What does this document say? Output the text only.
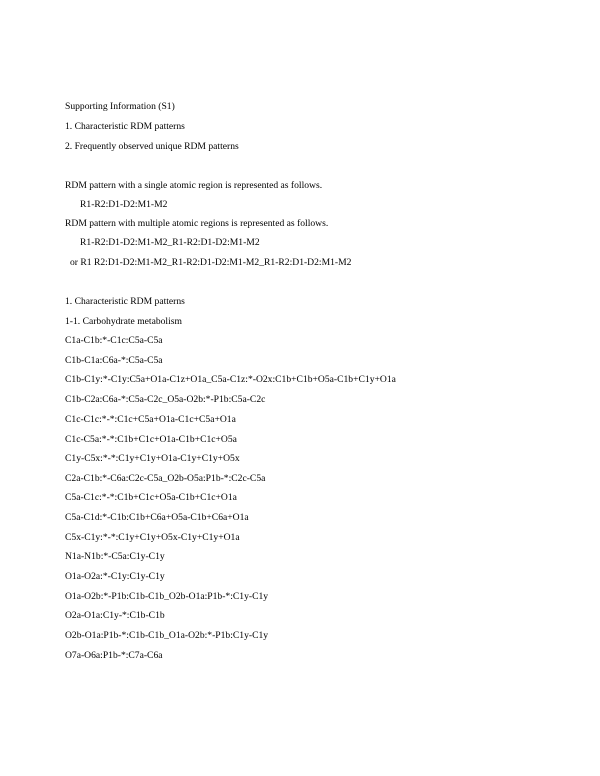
Supporting Information (S1)
1. Characteristic RDM patterns
2. Frequently observed unique RDM patterns
RDM pattern with a single atomic region is represented as follows.
R1-R2:D1-D2:M1-M2
RDM pattern with multiple atomic regions is represented as follows.
R1-R2:D1-D2:M1-M2_R1-R2:D1-D2:M1-M2
or R1 R2:D1-D2:M1-M2_R1-R2:D1-D2:M1-M2_R1-R2:D1-D2:M1-M2
1. Characteristic RDM patterns
1-1. Carbohydrate metabolism
C1a-C1b:*-C1c:C5a-C5a
C1b-C1a:C6a-*:C5a-C5a
C1b-C1y:*-C1y:C5a+O1a-C1z+O1a_C5a-C1z:*-O2x:C1b+C1b+O5a-C1b+C1y+O1a
C1b-C2a:C6a-*:C5a-C2c_O5a-O2b:*-P1b:C5a-C2c
C1c-C1c:*-*:C1c+C5a+O1a-C1c+C5a+O1a
C1c-C5a:*-*:C1b+C1c+O1a-C1b+C1c+O5a
C1y-C5x:*-*:C1y+C1y+O1a-C1y+C1y+O5x
C2a-C1b:*-C6a:C2c-C5a_O2b-O5a:P1b-*:C2c-C5a
C5a-C1c:*-*:C1b+C1c+O5a-C1b+C1c+O1a
C5a-C1d:*-C1b:C1b+C6a+O5a-C1b+C6a+O1a
C5x-C1y:*-*:C1y+C1y+O5x-C1y+C1y+O1a
N1a-N1b:*-C5a:C1y-C1y
O1a-O2a:*-C1y:C1y-C1y
O1a-O2b:*-P1b:C1b-C1b_O2b-O1a:P1b-*:C1y-C1y
O2a-O1a:C1y-*:C1b-C1b
O2b-O1a:P1b-*:C1b-C1b_O1a-O2b:*-P1b:C1y-C1y
O7a-O6a:P1b-*:C7a-C6a
